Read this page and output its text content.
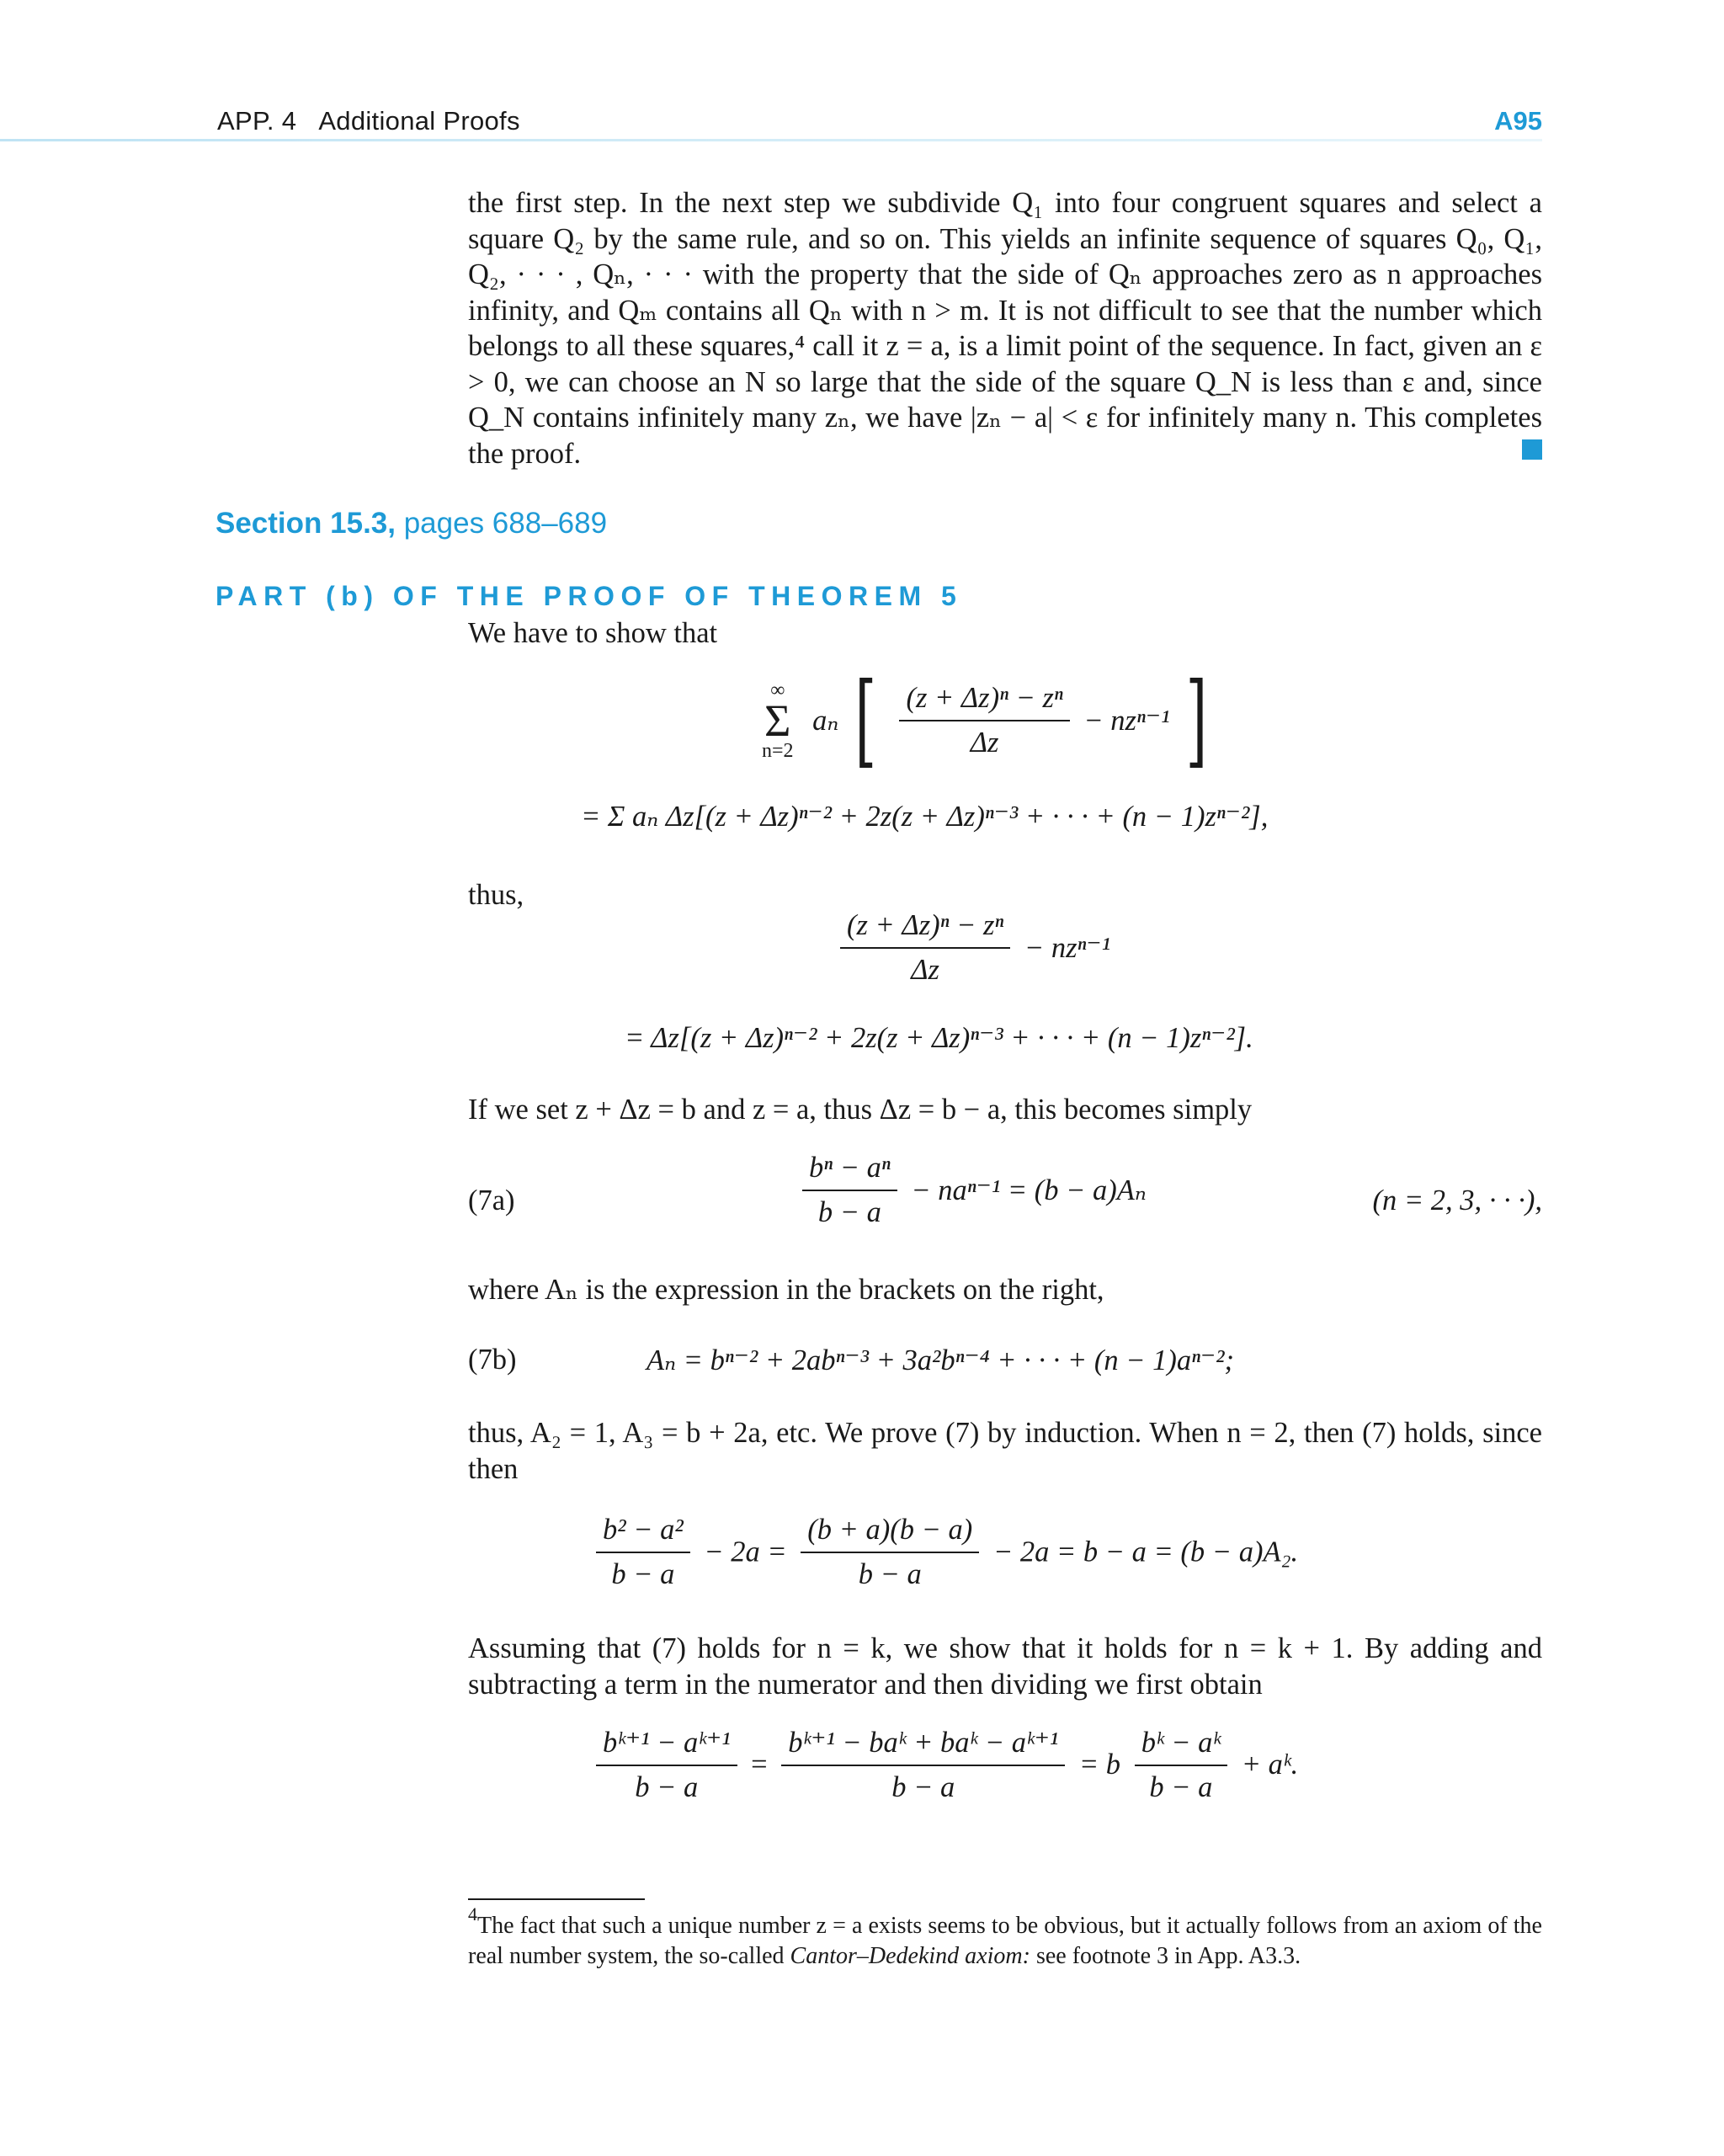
APP. 4 Additional Proofs	A95

the first step. In the next step we subdivide Q₁ into four congruent squares and select a square Q₂ by the same rule, and so on. This yields an infinite sequence of squares Q₀, Q₁, Q₂, · · · , Qₙ, · · · with the property that the side of Qₙ approaches zero as n approaches infinity, and Qₘ contains all Qₙ with n > m. It is not difficult to see that the number which belongs to all these squares,⁴ call it z = a, is a limit point of the sequence. In fact, given an ε > 0, we can choose an N so large that the side of the square Q_N is less than ε and, since Q_N contains infinitely many zₙ, we have |zₙ − a| < ε for infinitely many n. This completes the proof.

Section 15.3, pages 688–689
PART (b) OF THE PROOF OF THEOREM 5
We have to show that
∞
Σ
n=2 aₙ [ $\frac{\text{(z + Δz)ⁿ − zⁿ}}{\Delta z} - nz^{n-1}$ ]
= Σ aₙ Δz[(z + Δz)ⁿ⁻² + 2z(z + Δz)ⁿ⁻³ + · · · + (n − 1)zⁿ⁻²],
thus,
$\frac{\text{(z + Δz)ⁿ − zⁿ}}{\Delta z} - nz^{n-1}$
= Δz[(z + Δz)ⁿ⁻² + 2z(z + Δz)ⁿ⁻³ + · · · + (n − 1)zⁿ⁻²].
If we set z + Δz = b and z = a, thus Δz = b − a, this becomes simply
(7a)	$\frac{\text{bⁿ − aⁿ}}{b - a} - na^{n-1} = (b - a)A_n$	(n = 2, 3, · · ·),
where Aₙ is the expression in the brackets on the right,
(7b)	Aₙ = bⁿ⁻² + 2abⁿ⁻³ + 3a²bⁿ⁻⁴ + · · · + (n − 1)aⁿ⁻²;
thus, A₂ = 1, A₃ = b + 2a, etc. We prove (7) by induction. When n = 2, then (7) holds, since then
$\frac{\text{b² − a²}}{b - a} - 2a = \frac{(b + a)(b - a)}{b - a} - 2a = b - a = (b - a)A_2$.
Assuming that (7) holds for n = k, we show that it holds for n = k + 1. By adding and subtracting a term in the numerator and then dividing we first obtain
$\frac{\text{bᵏ⁺¹ − aᵏ⁺¹}}{b - a} = \frac{\text{bᵏ⁺¹ − baᵏ + baᵏ − aᵏ⁺¹}}{b - a} = b \frac{\text{bᵏ − aᵏ}}{b - a}$ + aᵏ.
$^4$The fact that such a unique number z = a exists seems to be obvious, but it actually follows from an axiom of the real number system, the so-called Cantor–Dedekind axiom: see footnote 3 in App. A3.3.
